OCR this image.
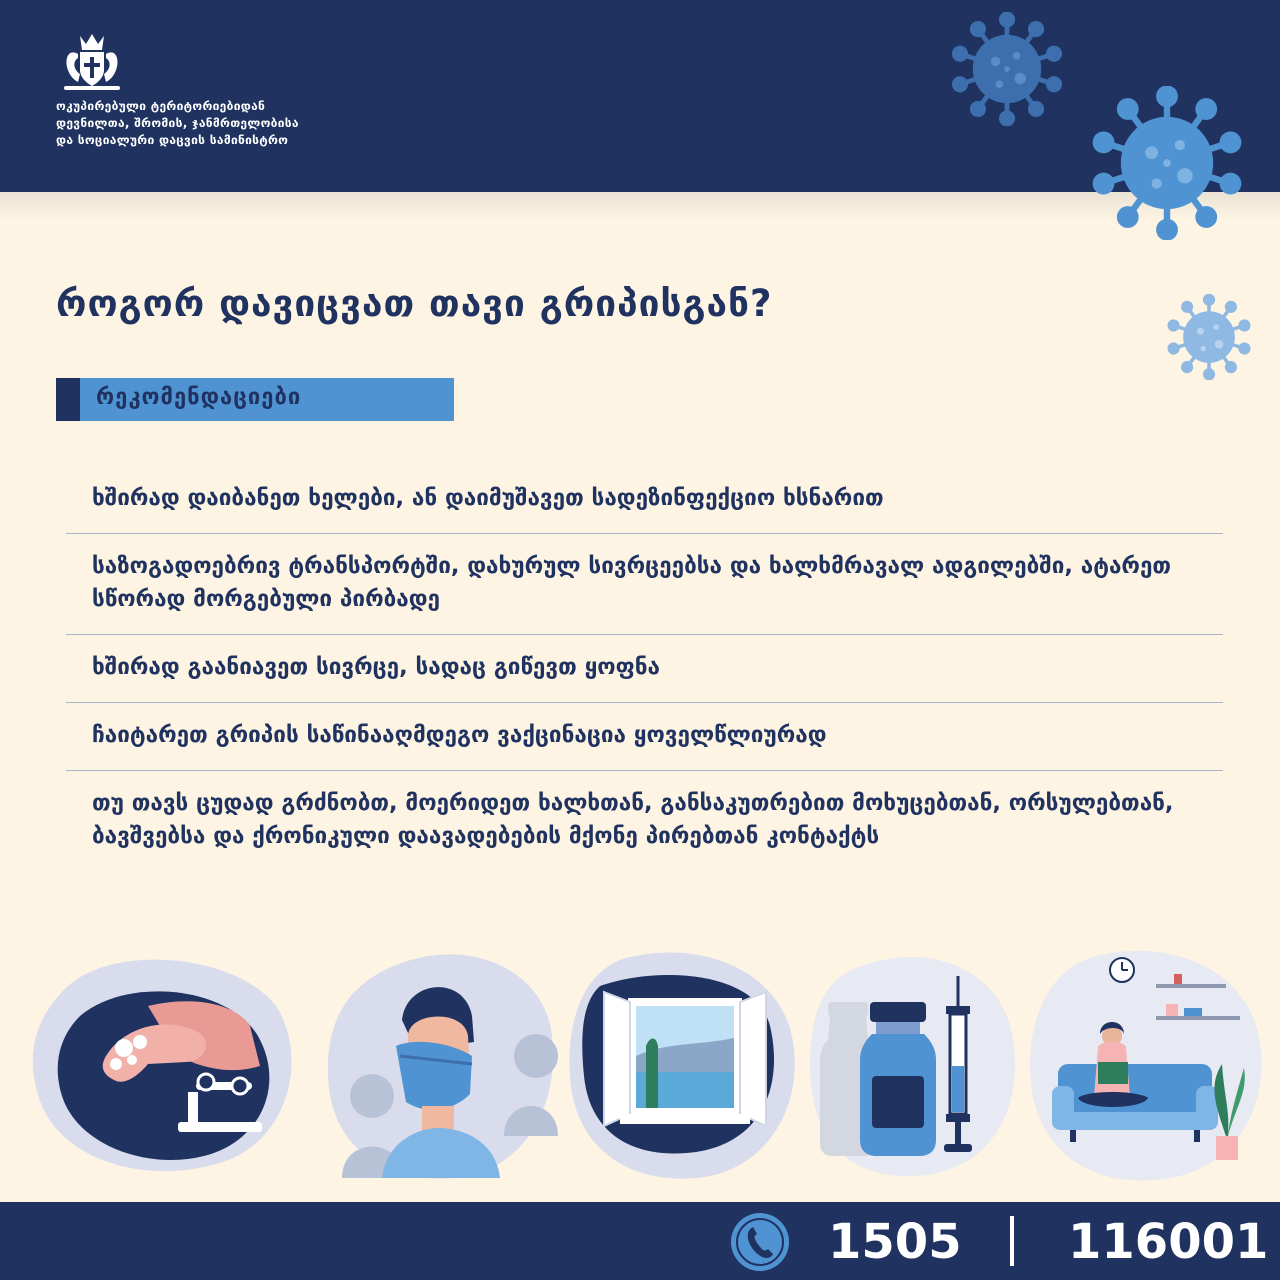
ოკუპირებული ტერიტორიებიდან
დევნილთა, შრომის, ჯანმრთელობისა
და სოციალური დაცვის სამინისტრო
როგორ დავიცვათ თავი გრიპისგან?
რეკომენდაციები
ხშირად დაიბანეთ ხელები, ან დაიმუშავეთ სადეზინფექციო ხსნარით
საზოგადოებრივ ტრანსპორტში, დახურულ სივრცეებსა და ხალხმრავალ ადგილებში, ატარეთ სწორად მორგებული პირბადე
ხშირად გაანიავეთ სივრცე, სადაც გიწევთ ყოფნა
ჩაიტარეთ გრიპის საწინააღმდეგო ვაქცინაცია ყოველწლიურად
თუ თავს ცუდად გრძნობთ, მოერიდეთ ხალხთან, განსაკუთრებით მოხუცებთან, ორსულებთან, ბავშვებსა და ქრონიკული დაავადებების მქონე პირებთან კონტაქტს
1505 116001
